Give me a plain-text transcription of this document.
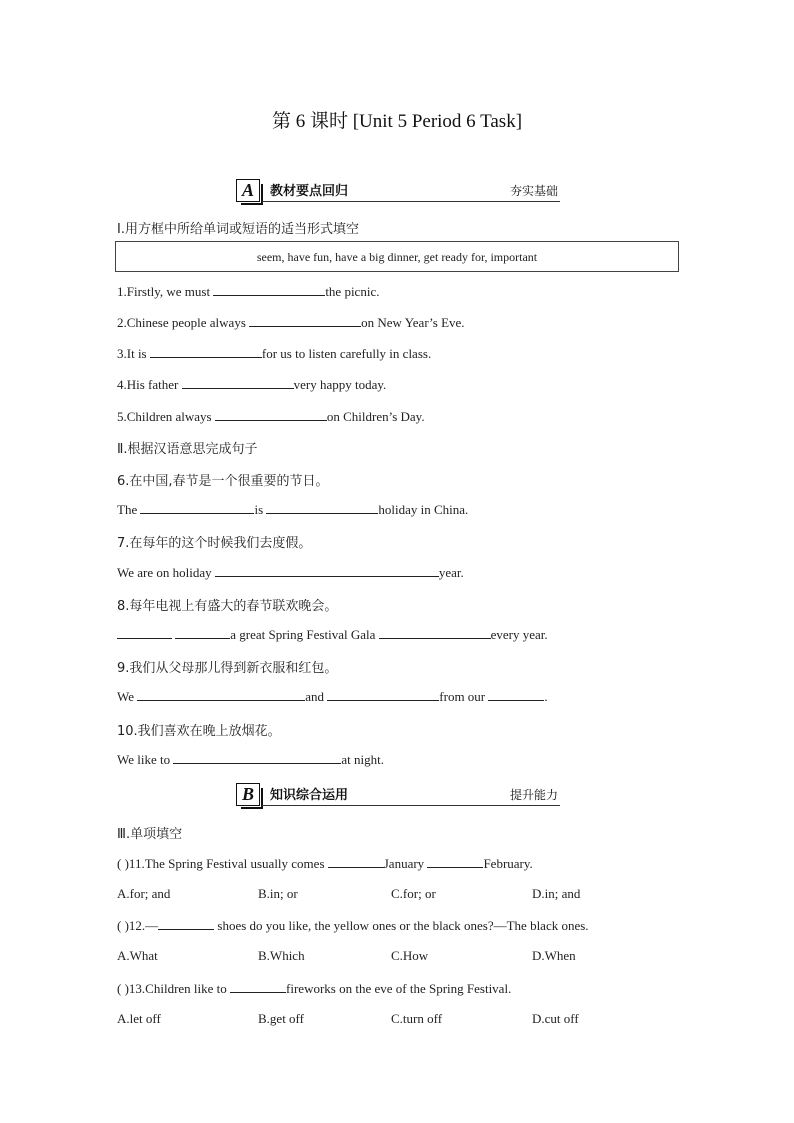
第 6 课时 [Unit 5 Period 6 Task]
A	教材要点回归	夯实基础
Ⅰ.用方框中所给单词或短语的适当形式填空
seem, have fun, have a big dinner, get ready for, important
1.Firstly, we must	the picnic.
2.Chinese people always	on New Year’s Eve.
3.It is	for us to listen carefully in class.
4.His father	very happy today.
5.Children always	on Children’s Day.
Ⅱ.根据汉语意思完成句子
6.在中国,春节是一个很重要的节日。
The	is	holiday in China.
7.在每年的这个时候我们去度假。
We are on holiday	year.
8.每年电视上有盛大的春节联欢晚会。
a great Spring Festival Gala	every year.
9.我们从父母那儿得到新衣服和红包。
We	and	from our	.
10.我们喜欢在晚上放烟花。
We like to	at night.
B	知识综合运用	提升能力
Ⅲ.单项填空
( )11.The Spring Festival usually comes	January	February.
A.for; and	B.in; or	C.for; or	D.in; and
( )12.—	shoes do you like, the yellow ones or the black ones?—The black ones.
A.What	B.Which	C.How	D.When
( )13.Children like to	fireworks on the eve of the Spring Festival.
A.let off	B.get off	C.turn off	D.cut off
